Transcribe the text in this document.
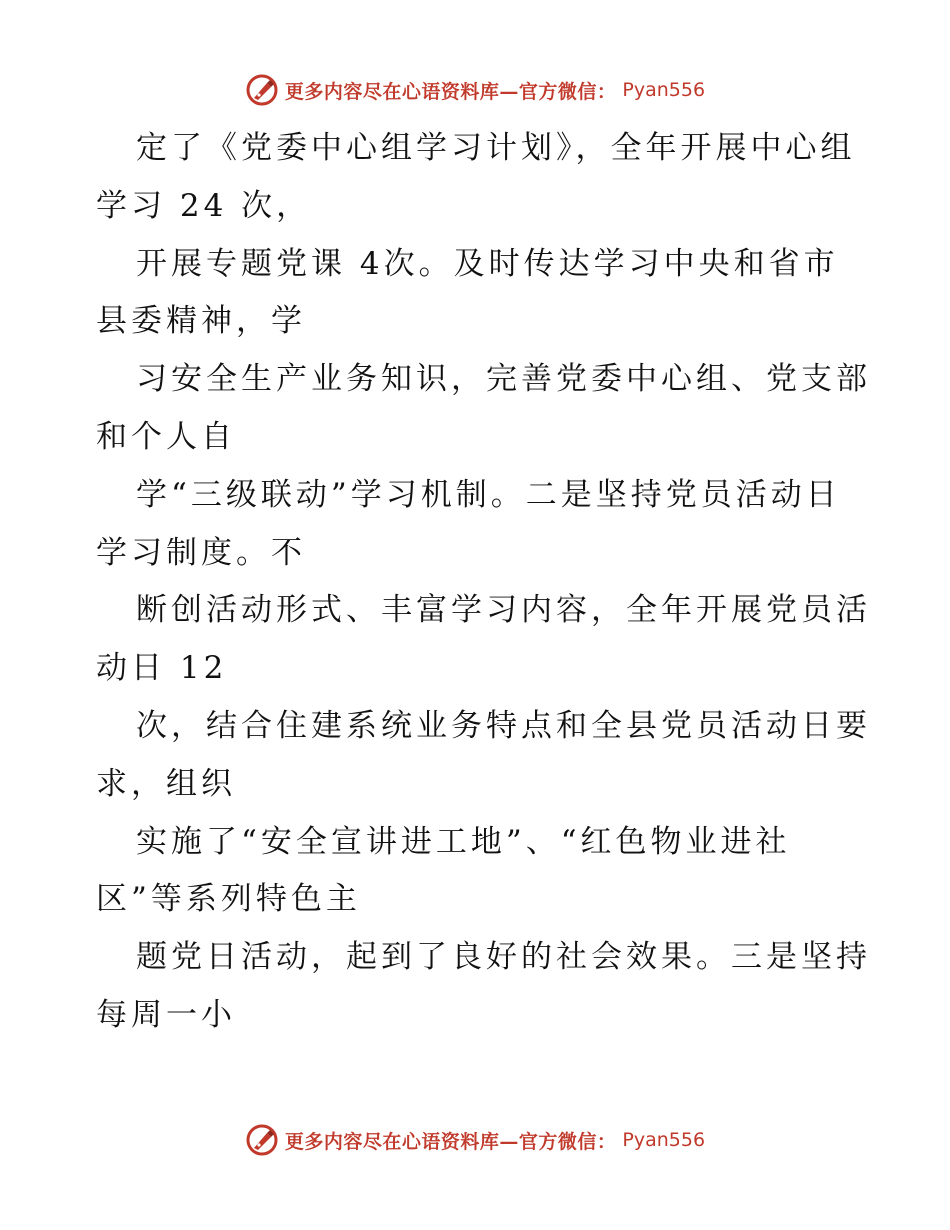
更多内容尽在心语资料库—官方微信： Pyan556
定了《党委中心组学习计划》，全年开展中心组
学习 24 次，
开展专题党课 4次。及时传达学习中央和省市
县委精神，学
习安全生产业务知识，完善党委中心组、党支部
和个人自
学“三级联动”学习机制。二是坚持党员活动日
学习制度。不
断创活动形式、丰富学习内容，全年开展党员活
动日 12
次，结合住建系统业务特点和全县党员活动日要
求，组织
实施了“安全宣讲进工地”、“红色物业进社
区”等系列特色主
题党日活动，起到了良好的社会效果。三是坚持
每周一小
更多内容尽在心语资料库—官方微信： Pyan556
